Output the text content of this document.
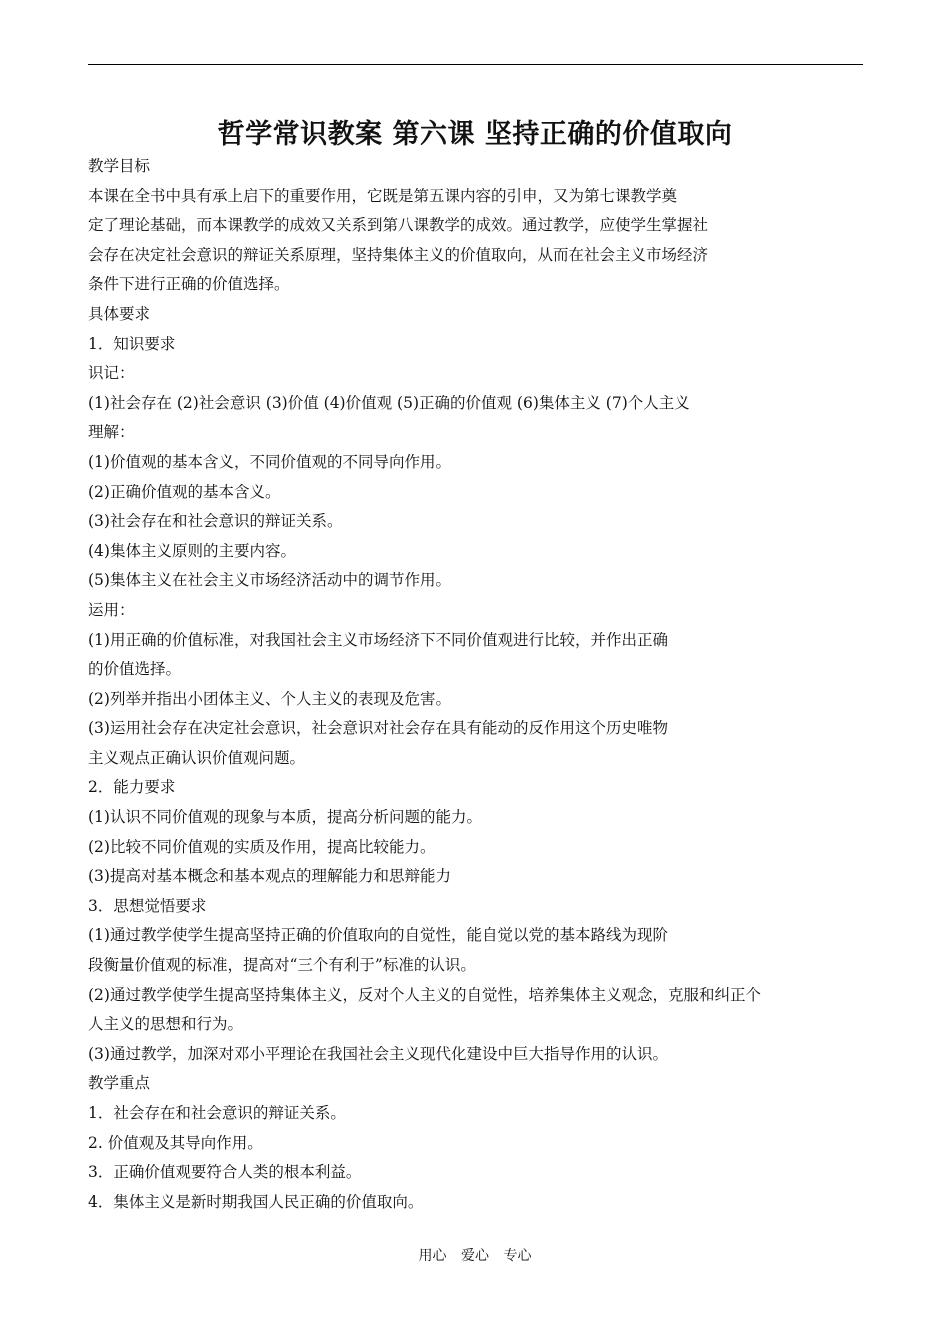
哲学常识教案 第六课 坚持正确的价值取向
教学目标
本课在全书中具有承上启下的重要作用，它既是第五课内容的引申，又为第七课教学奠
定了理论基础，而本课教学的成效又关系到第八课教学的成效。通过教学，应使学生掌握社
会存在决定社会意识的辩证关系原理，坚持集体主义的价值取向，从而在社会主义市场经济
条件下进行正确的价值选择。
具体要求
1．知识要求
识记：
(1)社会存在 (2)社会意识 (3)价值 (4)价值观 (5)正确的价值观 (6)集体主义 (7)个人主义
理解：
(1)价值观的基本含义，不同价值观的不同导向作用。
(2)正确价值观的基本含义。
(3)社会存在和社会意识的辩证关系。
(4)集体主义原则的主要内容。
(5)集体主义在社会主义市场经济活动中的调节作用。
运用：
(1)用正确的价值标准，对我国社会主义市场经济下不同价值观进行比较，并作出正确
的价值选择。
(2)列举并指出小团体主义、个人主义的表现及危害。
(3)运用社会存在决定社会意识，社会意识对社会存在具有能动的反作用这个历史唯物
主义观点正确认识价值观问题。
2．能力要求
(1)认识不同价值观的现象与本质，提高分析问题的能力。
(2)比较不同价值观的实质及作用，提高比较能力。
(3)提高对基本概念和基本观点的理解能力和思辩能力
3．思想觉悟要求
(1)通过教学使学生提高坚持正确的价值取向的自觉性，能自觉以党的基本路线为现阶
段衡量价值观的标准，提高对“三个有利于”标准的认识。
(2)通过教学使学生提高坚持集体主义，反对个人主义的自觉性，培养集体主义观念，克服和纠正个
人主义的思想和行为。
(3)通过教学，加深对邓小平理论在我国社会主义现代化建设中巨大指导作用的认识。
教学重点
1．社会存在和社会意识的辩证关系。
2. 价值观及其导向作用。
3．正确价值观要符合人类的根本利益。
4．集体主义是新时期我国人民正确的价值取向。
用心 爱心 专心
